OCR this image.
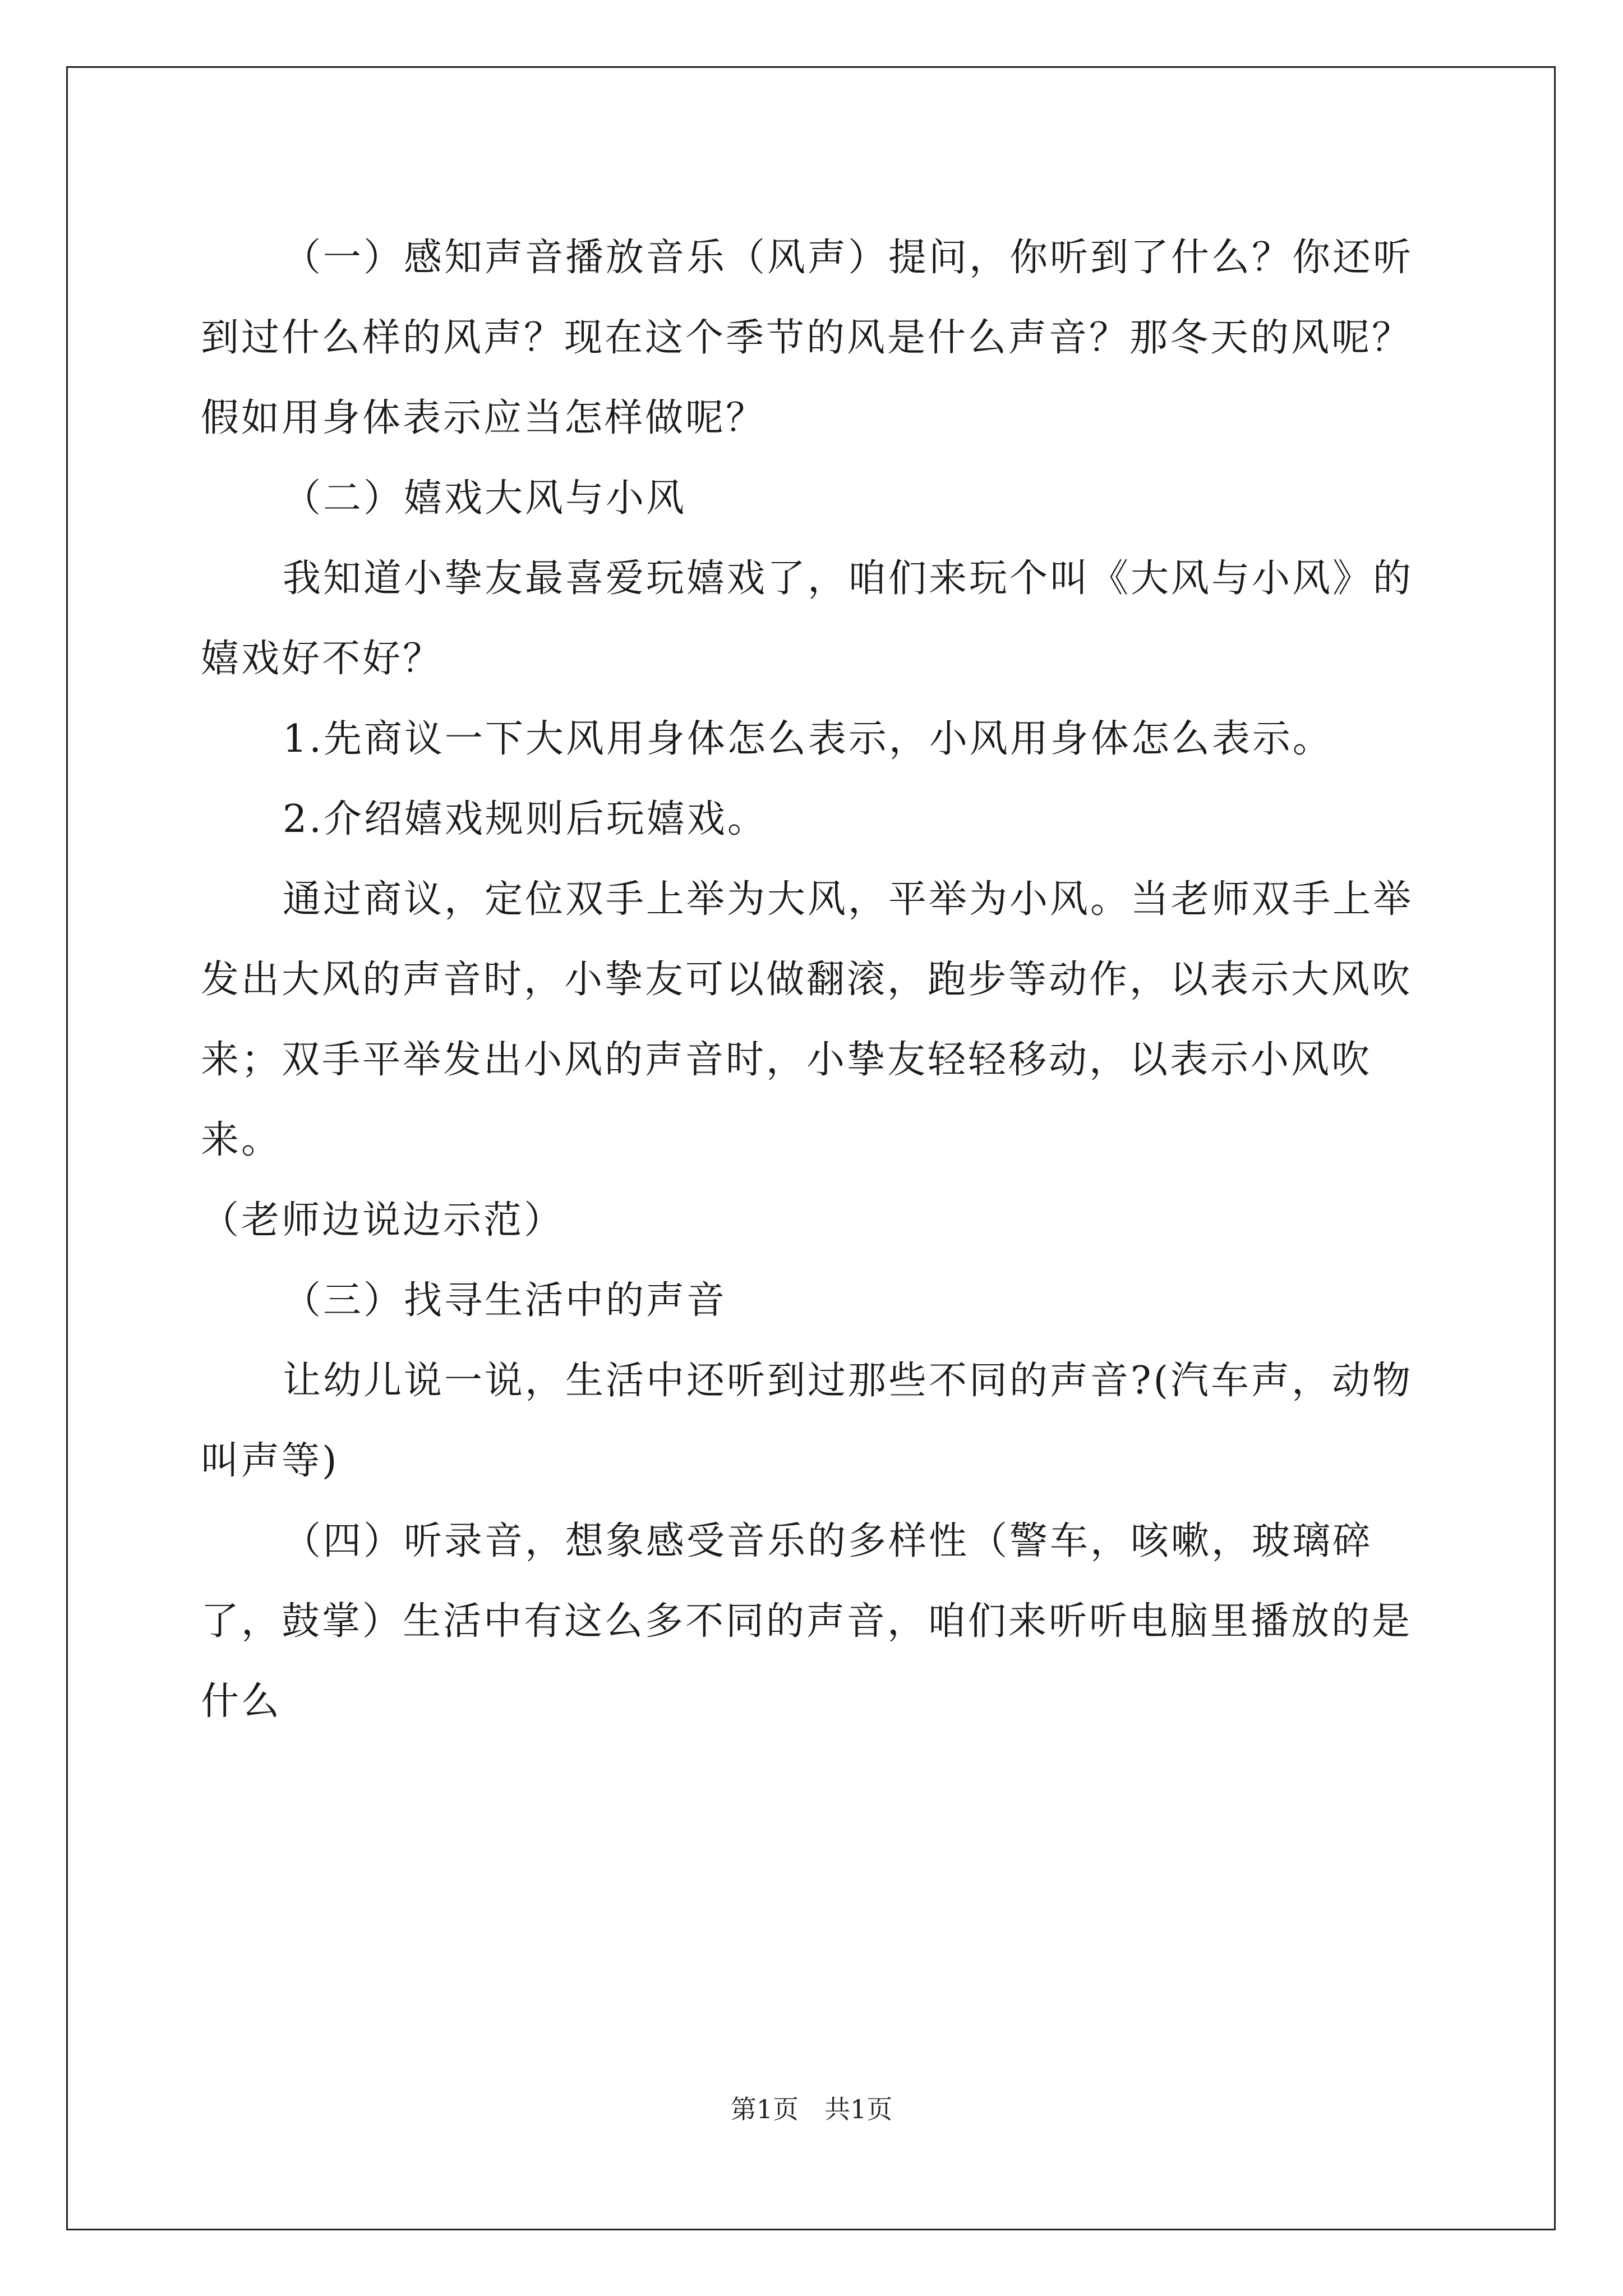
（一）感知声音播放音乐（风声）提问，你听到了什么？你还听到过什么样的风声？现在这个季节的风是什么声音？那冬天的风呢？假如用身体表示应当怎样做呢？

（二）嬉戏大风与小风

我知道小挚友最喜爱玩嬉戏了，咱们来玩个叫《大风与小风》的嬉戏好不好？

1.先商议一下大风用身体怎么表示，小风用身体怎么表示。

2.介绍嬉戏规则后玩嬉戏。

通过商议，定位双手上举为大风，平举为小风。当老师双手上举发出大风的声音时，小挚友可以做翻滚，跑步等动作，以表示大风吹来；双手平举发出小风的声音时，小挚友轻轻移动，以表示小风吹来。

（老师边说边示范）

（三）找寻生活中的声音

让幼儿说一说，生活中还听到过那些不同的声音?(汽车声，动物叫声等)

（四）听录音，想象感受音乐的多样性（警车，咳嗽，玻璃碎了，鼓掌）生活中有这么多不同的声音，咱们来听听电脑里播放的是什么

第1页　共1页
